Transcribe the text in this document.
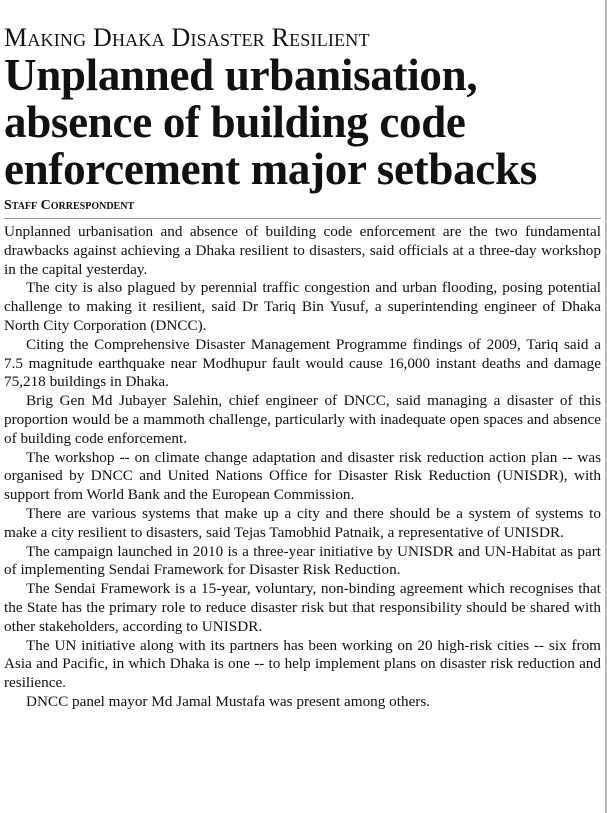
Making Dhaka Disaster Resilient
Unplanned urbanisation, absence of building code enforcement major setbacks
Staff Correspondent

Unplanned urbanisation and absence of building code enforcement are the two fundamental drawbacks against achieving a Dhaka resilient to disasters, said officials at a three-day workshop in the capital yesterday.

The city is also plagued by perennial traffic congestion and urban flooding, posing potential challenge to making it resilient, said Dr Tariq Bin Yusuf, a superintending engineer of Dhaka North City Corporation (DNCC).

Citing the Comprehensive Disaster Management Programme findings of 2009, Tariq said a 7.5 magnitude earthquake near Modhupur fault would cause 16,000 instant deaths and damage 75,218 buildings in Dhaka.

Brig Gen Md Jubayer Salehin, chief engineer of DNCC, said managing a disaster of this proportion would be a mammoth challenge, particularly with inadequate open spaces and absence of building code enforcement.

The workshop -- on climate change adaptation and disaster risk reduction action plan -- was organised by DNCC and United Nations Office for Disaster Risk Reduction (UNISDR), with support from World Bank and the European Commission.

There are various systems that make up a city and there should be a system of systems to make a city resilient to disasters, said Tejas Tamobhid Patnaik, a representative of UNISDR.

The campaign launched in 2010 is a three-year initiative by UNISDR and UN-Habitat as part of implementing Sendai Framework for Disaster Risk Reduction.

The Sendai Framework is a 15-year, voluntary, non-binding agreement which recognises that the State has the primary role to reduce disaster risk but that responsibility should be shared with other stakeholders, according to UNISDR.

The UN initiative along with its partners has been working on 20 high-risk cities -- six from Asia and Pacific, in which Dhaka is one -- to help implement plans on disaster risk reduction and resilience.

DNCC panel mayor Md Jamal Mustafa was present among others.
